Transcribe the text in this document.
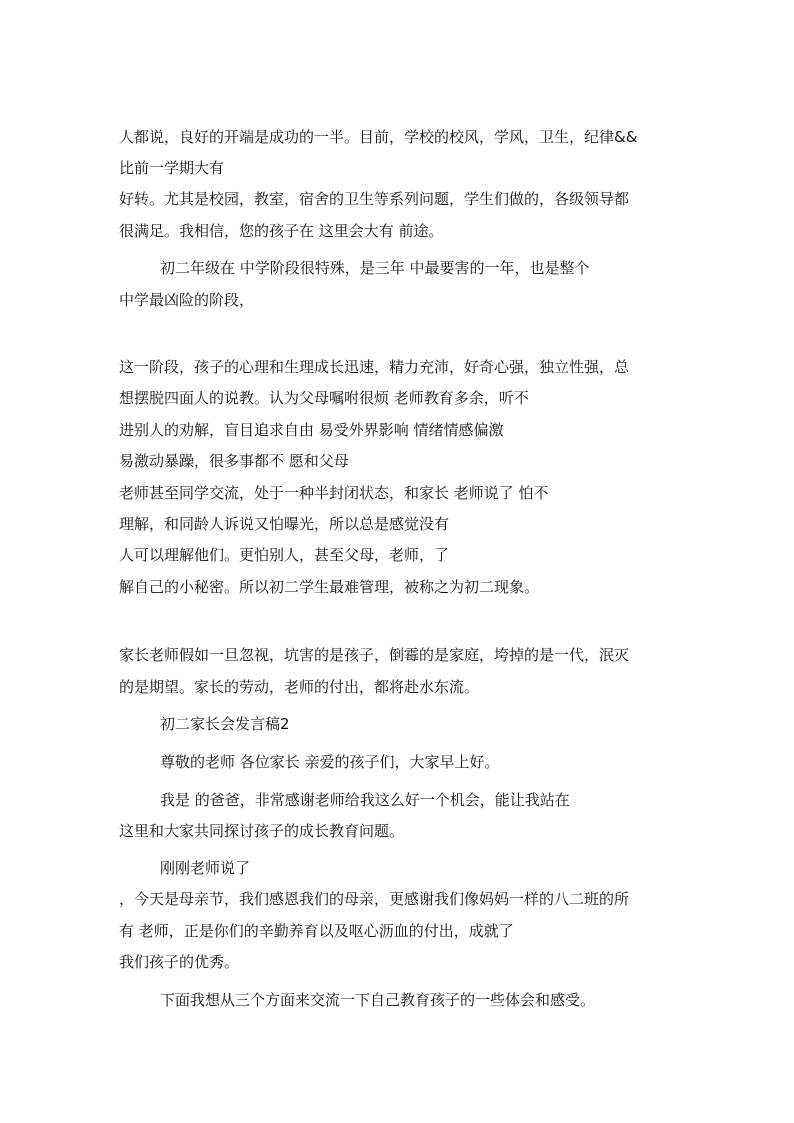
人都说，良好的开端是成功的一半。目前，学校的校风，学风，卫生，纪律&&
比前一学期大有
好转。尤其是校园，教室，宿舍的卫生等系列问题，学生们做的，各级领导都
很满足。我相信，您的孩子在 这里会大有 前途。
初二年级在 中学阶段很特殊，是三年 中最要害的一年，也是整个
中学最凶险的阶段，
这一阶段，孩子的心理和生理成长迅速，精力充沛，好奇心强，独立性强，总
想摆脱四面人的说教。认为父母嘱咐很烦 老师教育多余，听不
进别人的劝解，盲目追求自由 易受外界影响 情绪情感偏激
易激动暴躁，很多事都不 愿和父母
老师甚至同学交流，处于一种半封闭状态，和家长 老师说了 怕不
理解，和同龄人诉说又怕曝光，所以总是感觉没有
人可以理解他们。更怕别人，甚至父母，老师，了
解自己的小秘密。所以初二学生最难管理，被称之为初二现象。
家长老师假如一旦忽视，坑害的是孩子，倒霉的是家庭，垮掉的是一代，泯灭
的是期望。家长的劳动，老师的付出，都将赴水东流。
初二家长会发言稿2
尊敬的老师 各位家长 亲爱的孩子们，大家早上好。
我是 的爸爸，非常感谢老师给我这么好一个机会，能让我站在
这里和大家共同探讨孩子的成长教育问题。
刚刚老师说了
，今天是母亲节，我们感恩我们的母亲，更感谢我们像妈妈一样的八二班的所
有 老师，正是你们的辛勤养育以及呕心沥血的付出，成就了
我们孩子的优秀。
下面我想从三个方面来交流一下自己教育孩子的一些体会和感受。
